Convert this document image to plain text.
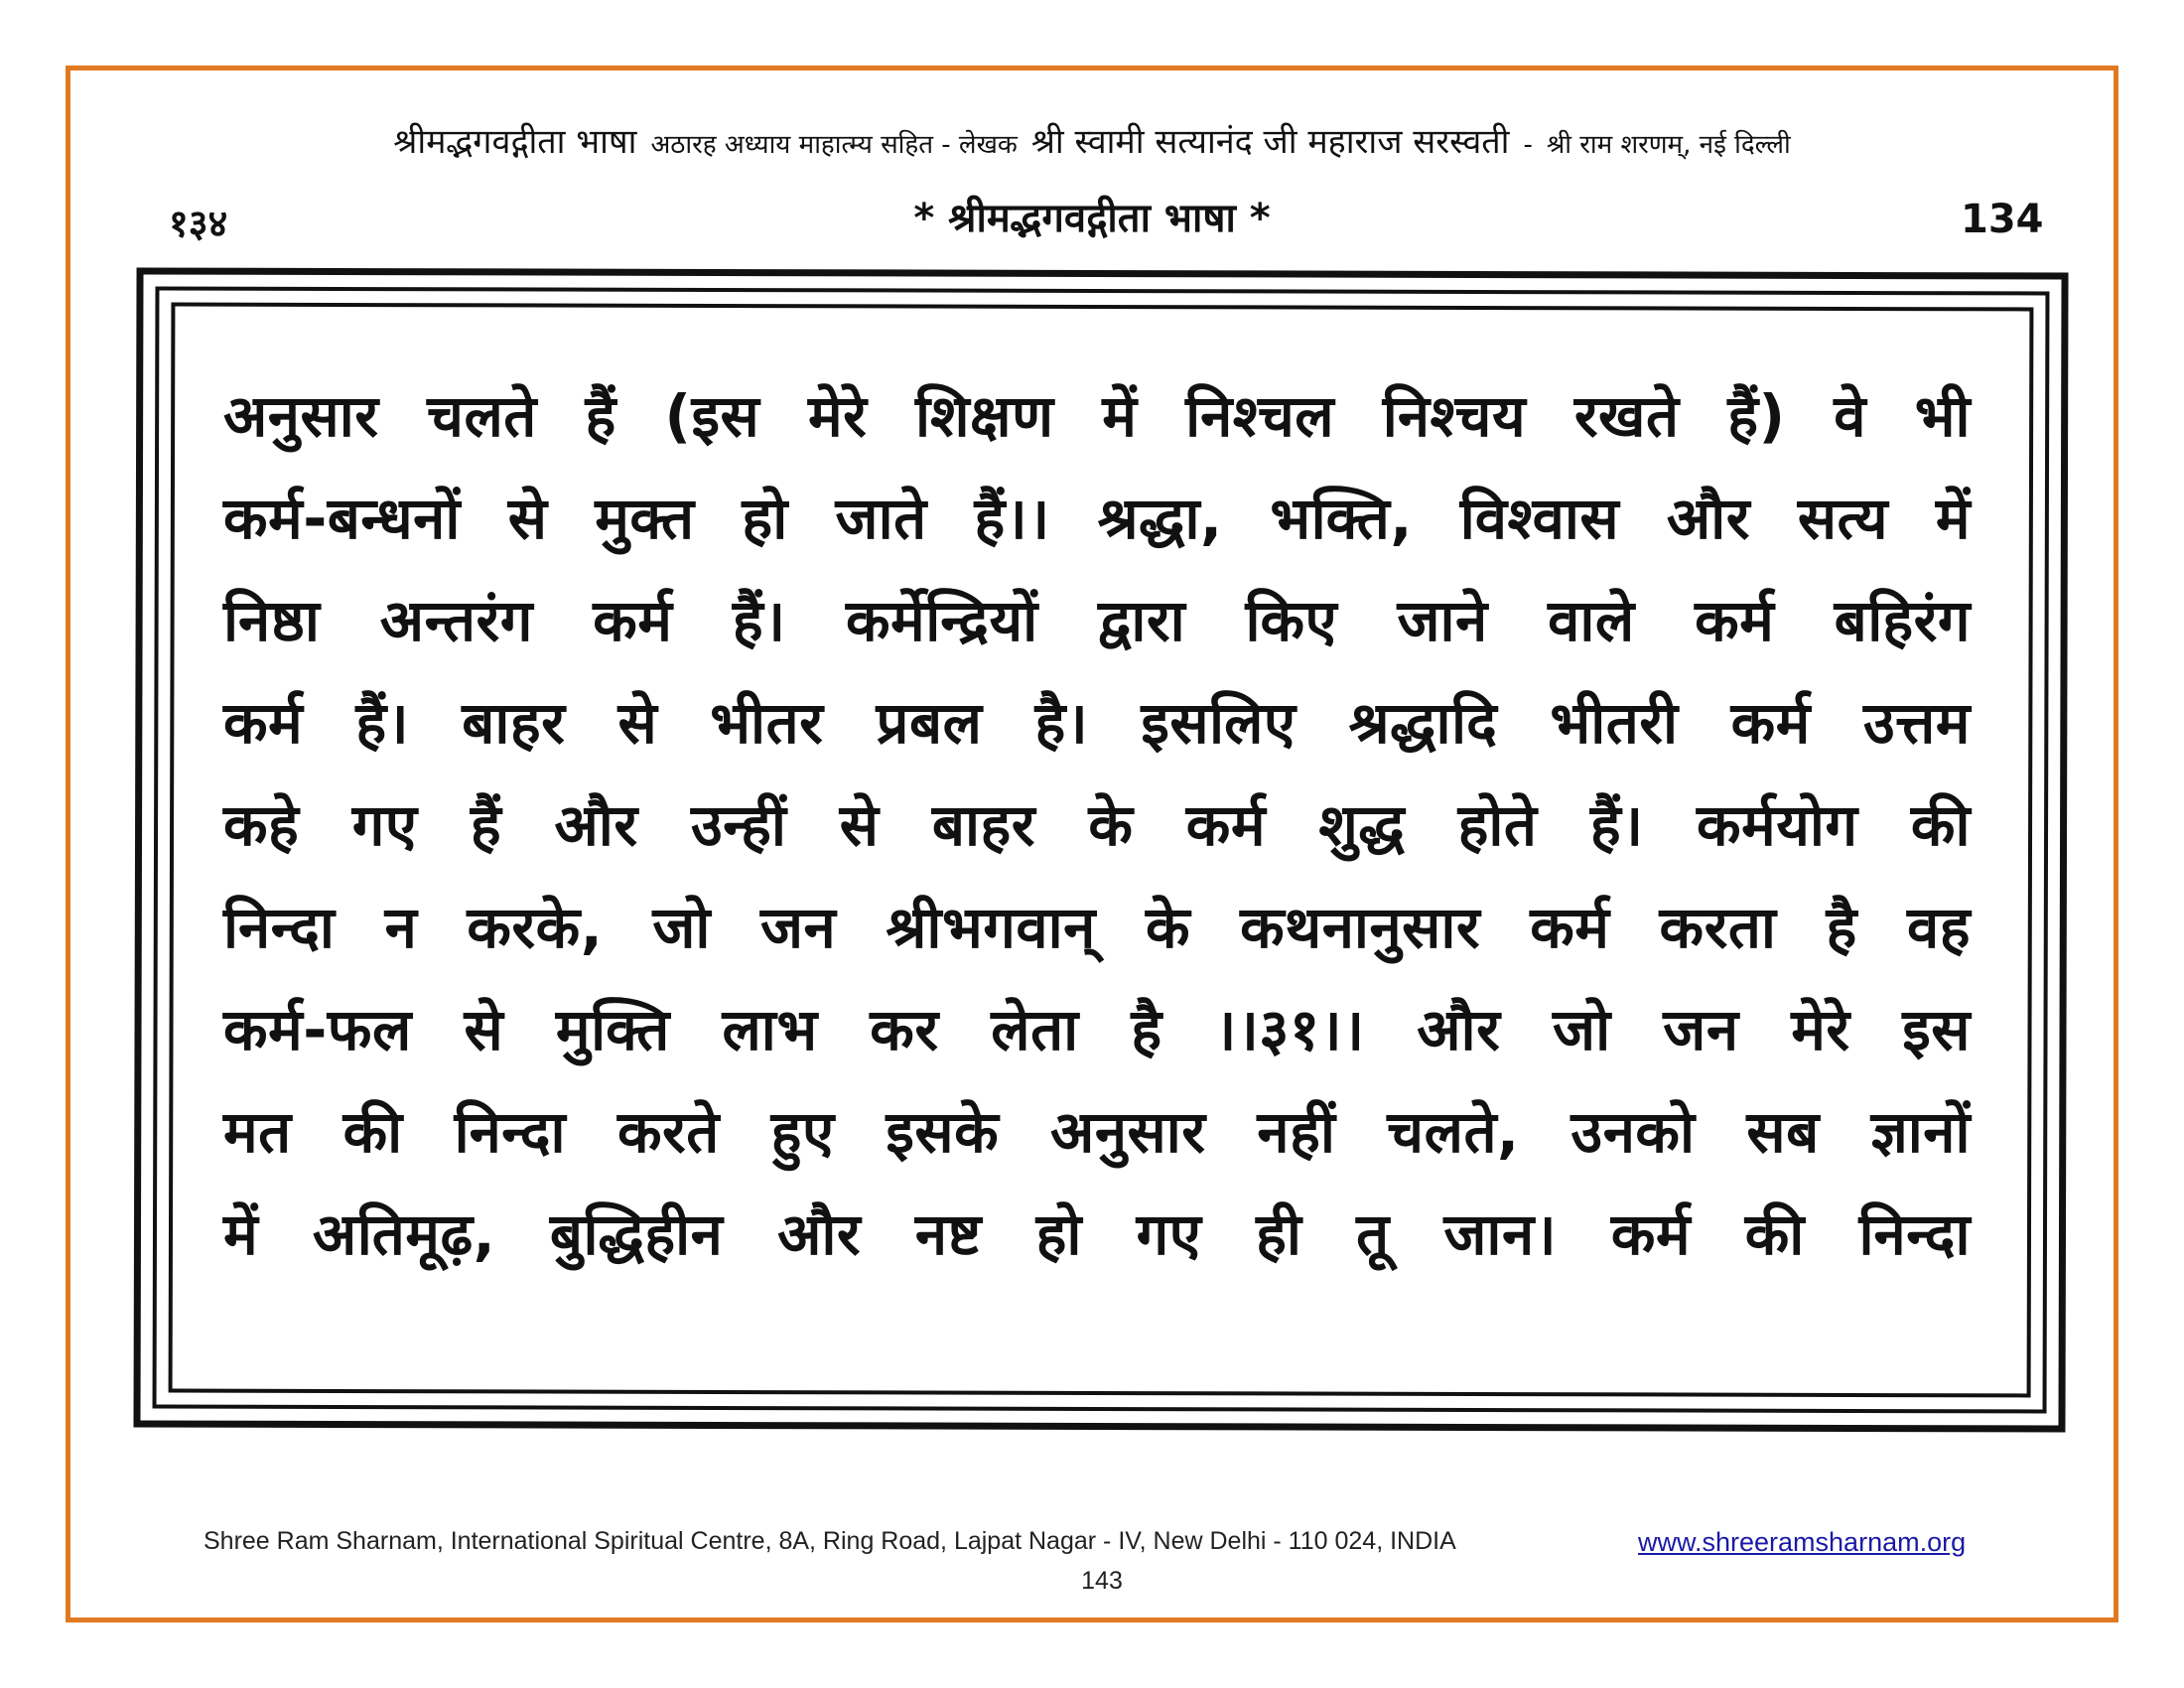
श्रीमद्भगवद्गीता भाषा अठारह अध्याय माहात्म्य सहित - लेखक श्री स्वामी सत्यानंद जी महाराज सरस्वती - श्री राम शरणम्, नई दिल्ली
१३४	* श्रीमद्भगवद्गीता भाषा *	134
अनुसार चलते हैं (इस मेरे शिक्षण में निश्चल निश्चय रखते हैं) वे भी
कर्म-बन्धनों से मुक्त हो जाते हैं।। श्रद्धा, भक्ति, विश्वास और सत्य में
निष्ठा अन्तरंग कर्म हैं। कर्मेन्द्रियों द्वारा किए जाने वाले कर्म बहिरंग
कर्म हैं। बाहर से भीतर प्रबल है। इसलिए श्रद्धादि भीतरी कर्म उत्तम
कहे गए हैं और उन्हीं से बाहर के कर्म शुद्ध होते हैं। कर्मयोग की
निन्दा न करके, जो जन श्रीभगवान् के कथनानुसार कर्म करता है वह
कर्म-फल से मुक्ति लाभ कर लेता है ।।३१।। और जो जन मेरे इस
मत की निन्दा करते हुए इसके अनुसार नहीं चलते, उनको सब ज्ञानों
में अतिमूढ़, बुद्धिहीन और नष्ट हो गए ही तू जान। कर्म की निन्दा
Shree Ram Sharnam, International Spiritual Centre, 8A, Ring Road, Lajpat Nagar - IV, New Delhi - 110 024, INDIA	www.shreeramsharnam.org
143
